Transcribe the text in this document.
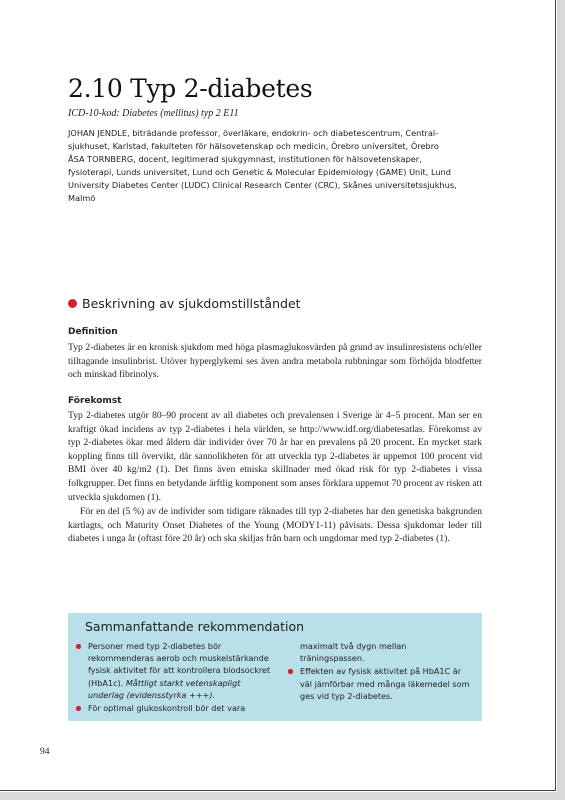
2.10 Typ 2-diabetes
ICD-10-kod: Diabetes (mellitus) typ 2 E11

JOHAN JENDLE, biträdande professor, överläkare, endokrin- och diabetescentrum, Central-

sjukhuset, Karlstad, fakulteten för hälsovetenskap och medicin, Örebro universitet, Örebro

ÅSA TORNBERG, docent, legitimerad sjukgymnast, institutionen för hälsovetenskaper,

fysioterapi, Lunds universitet, Lund och Genetic & Molecular Epidemiology (GAME) Unit, Lund

University Diabetes Center (LUDC) Clinical Research Center (CRC), Skånes universitetssjukhus,

Malmö

Beskrivning av sjukdomstillståndet
Definition

Typ 2-diabetes är en kronisk sjukdom med höga plasmaglukosvärden på grund av insulinresistens och/eller tilltagande insulinbrist. Utöver hyperglykemi ses även andra metabola rubbningar som förhöjda blodfetter och minskad fibrinolys.

Förekomst

Typ 2-diabetes utgör 80–90 procent av all diabetes och prevalensen i Sverige är 4–5 procent. Man ser en kraftigt ökad incidens av typ 2-diabetes i hela världen, se http://www.idf.org/diabetesatlas. Förekomst av typ 2-diabetes ökar med åldern där individer över 70 år har en prevalens på 20 procent. En mycket stark koppling finns till övervikt, där sannolikheten för att utveckla typ 2-diabetes är uppemot 100 procent vid BMI över 40 kg/m2 (1). Det finns även etniska skillnader med ökad risk för typ 2-diabetes i vissa folkgrupper. Det finns en betydande ärftlig komponent som anses förklara uppemot 70 procent av risken att utveckla sjukdomen (1).

För en del (5 %) av de individer som tidigare räknades till typ 2-diabetes har den genetiska bakgrunden kartlagts, och Maturity Onset Diabetes of the Young (MODY1-11) påvisats. Dessa sjukdomar leder till diabetes i unga år (oftast före 20 år) och ska skiljas från barn och ungdomar med typ 2-diabetes (1).

Sammanfattande rekommendation

Personer med typ 2-diabetes bör rekommenderas aerob och muskelstärkande fysisk aktivitet för att kontrollera blodsockret (HbA1c). Måttligt starkt vetenskapligt underlag (evidensstyrka +++).

För optimal glukoskontroll bör det vara

maximalt två dygn mellan träningspassen.

Effekten av fysisk aktivitet på HbA1C är väl jämförbar med många läkemedel som ges vid typ 2-diabetes.

94
